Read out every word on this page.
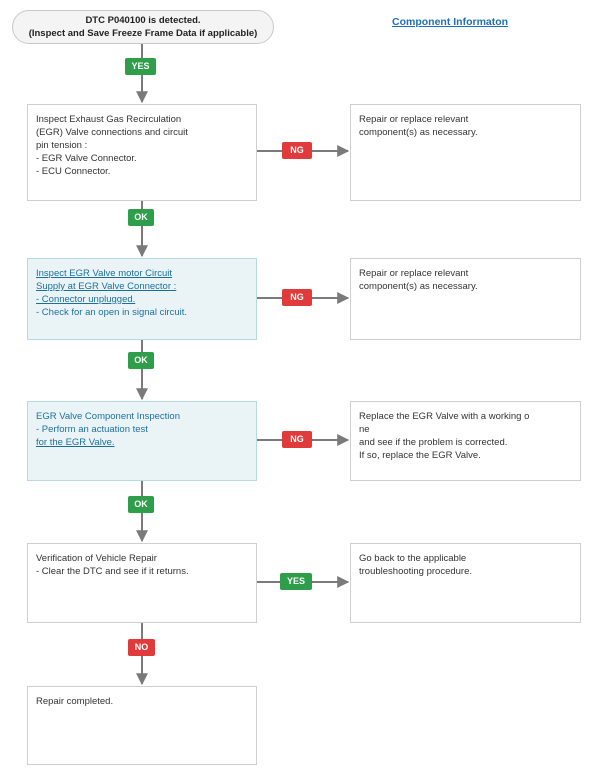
DTC P040100 is detected.
(Inspect and Save Freeze Frame Data if applicable)
Component Informaton
YES
OK
OK
OK
NO
NG
NG
NG
YES
Inspect Exhaust Gas Recirculation
(EGR) Valve connections and circuit
pin tension :
- EGR Valve Connector.
- ECU Connector.
Repair or replace relevant
component(s) as necessary.
Inspect EGR Valve motor Circuit
Supply at EGR Valve Connector :
- Connector unplugged.
- Check for an open in signal circuit.
Repair or replace relevant
component(s) as necessary.
EGR Valve Component Inspection
- Perform an actuation test
for the EGR Valve.
Replace the EGR Valve with a working o
ne
and see if the problem is corrected.
If so, replace the EGR Valve.
Verification of Vehicle Repair
- Clear the DTC and see if it returns.
Go back to the applicable
troubleshooting procedure.
Repair completed.
